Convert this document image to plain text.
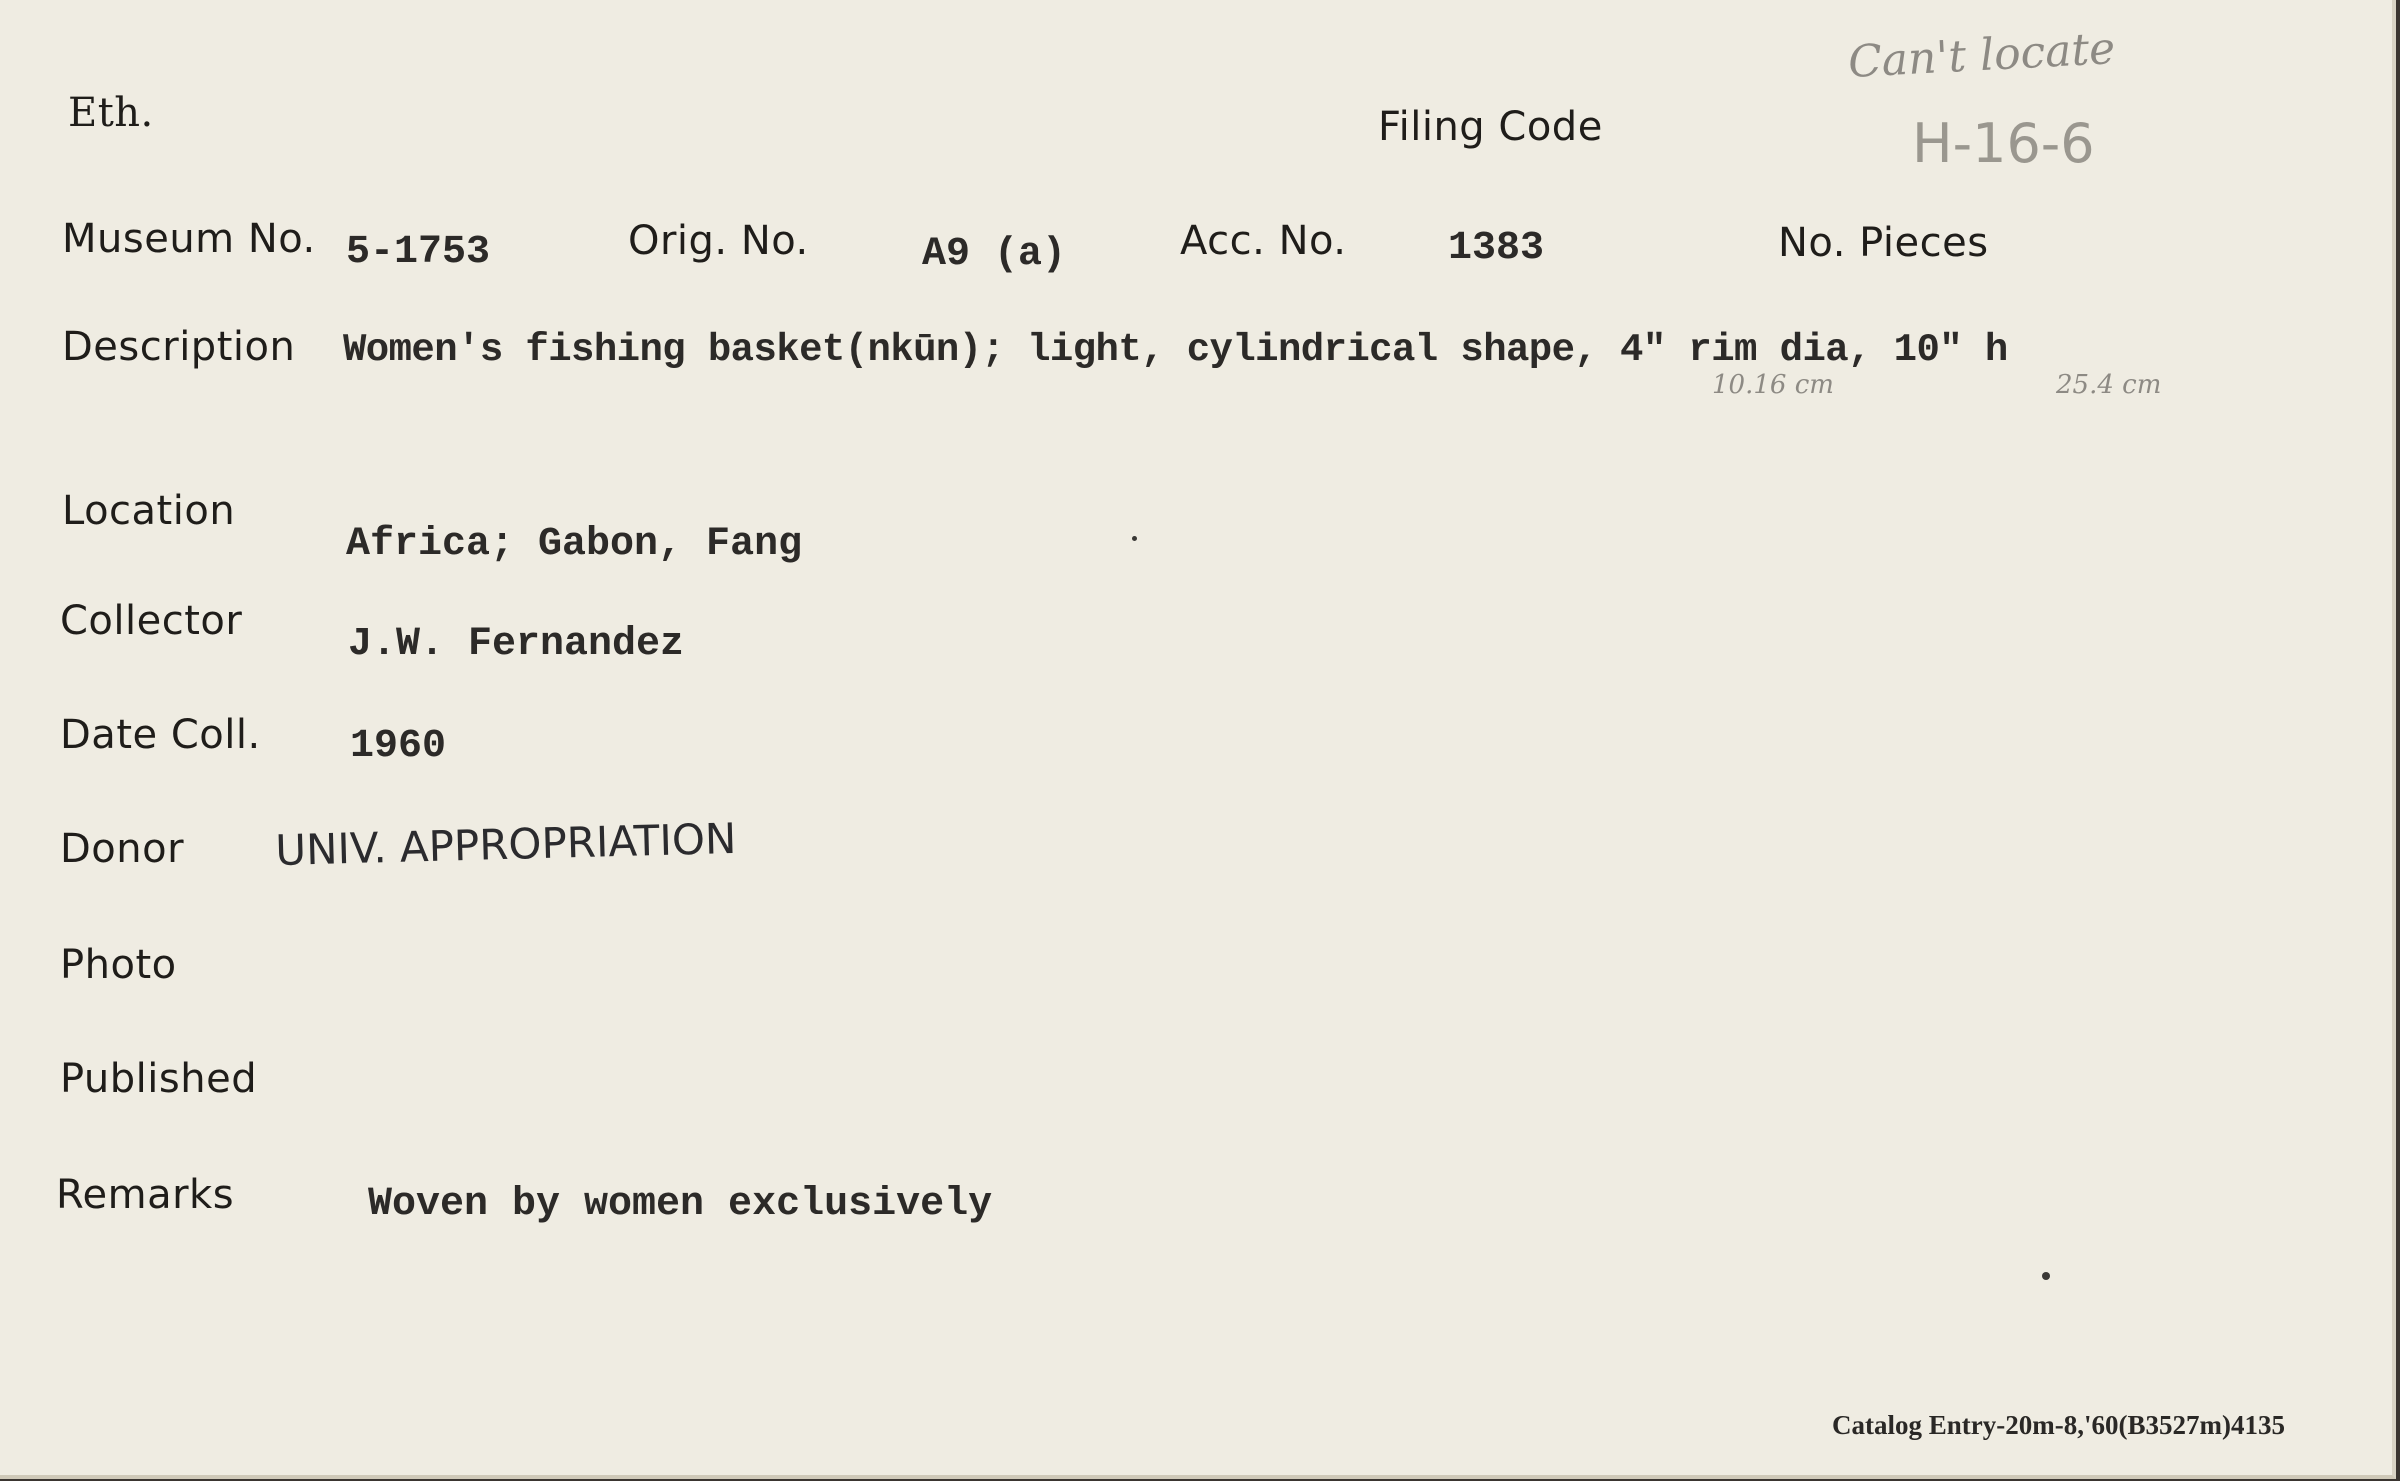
Eth.	Filing Code
Can't locate
H-16-6
Museum No. 5-1753	Orig. No.	A9 (a)	Acc. No.	1383	No. Pieces
Description Women's fishing basket(nkūn); light, cylindrical shape, 4" rim dia, 10" h
10.16 cm	25.4 cm
Location
Africa; Gabon, Fang
Collector
J.W. Fernandez
Date Coll. 1960
Donor UNIV. APPROPRIATION
Photo
Published
Remarks	Woven by women exclusively
Catalog Entry-20m-8,'60(B3527m)4135
